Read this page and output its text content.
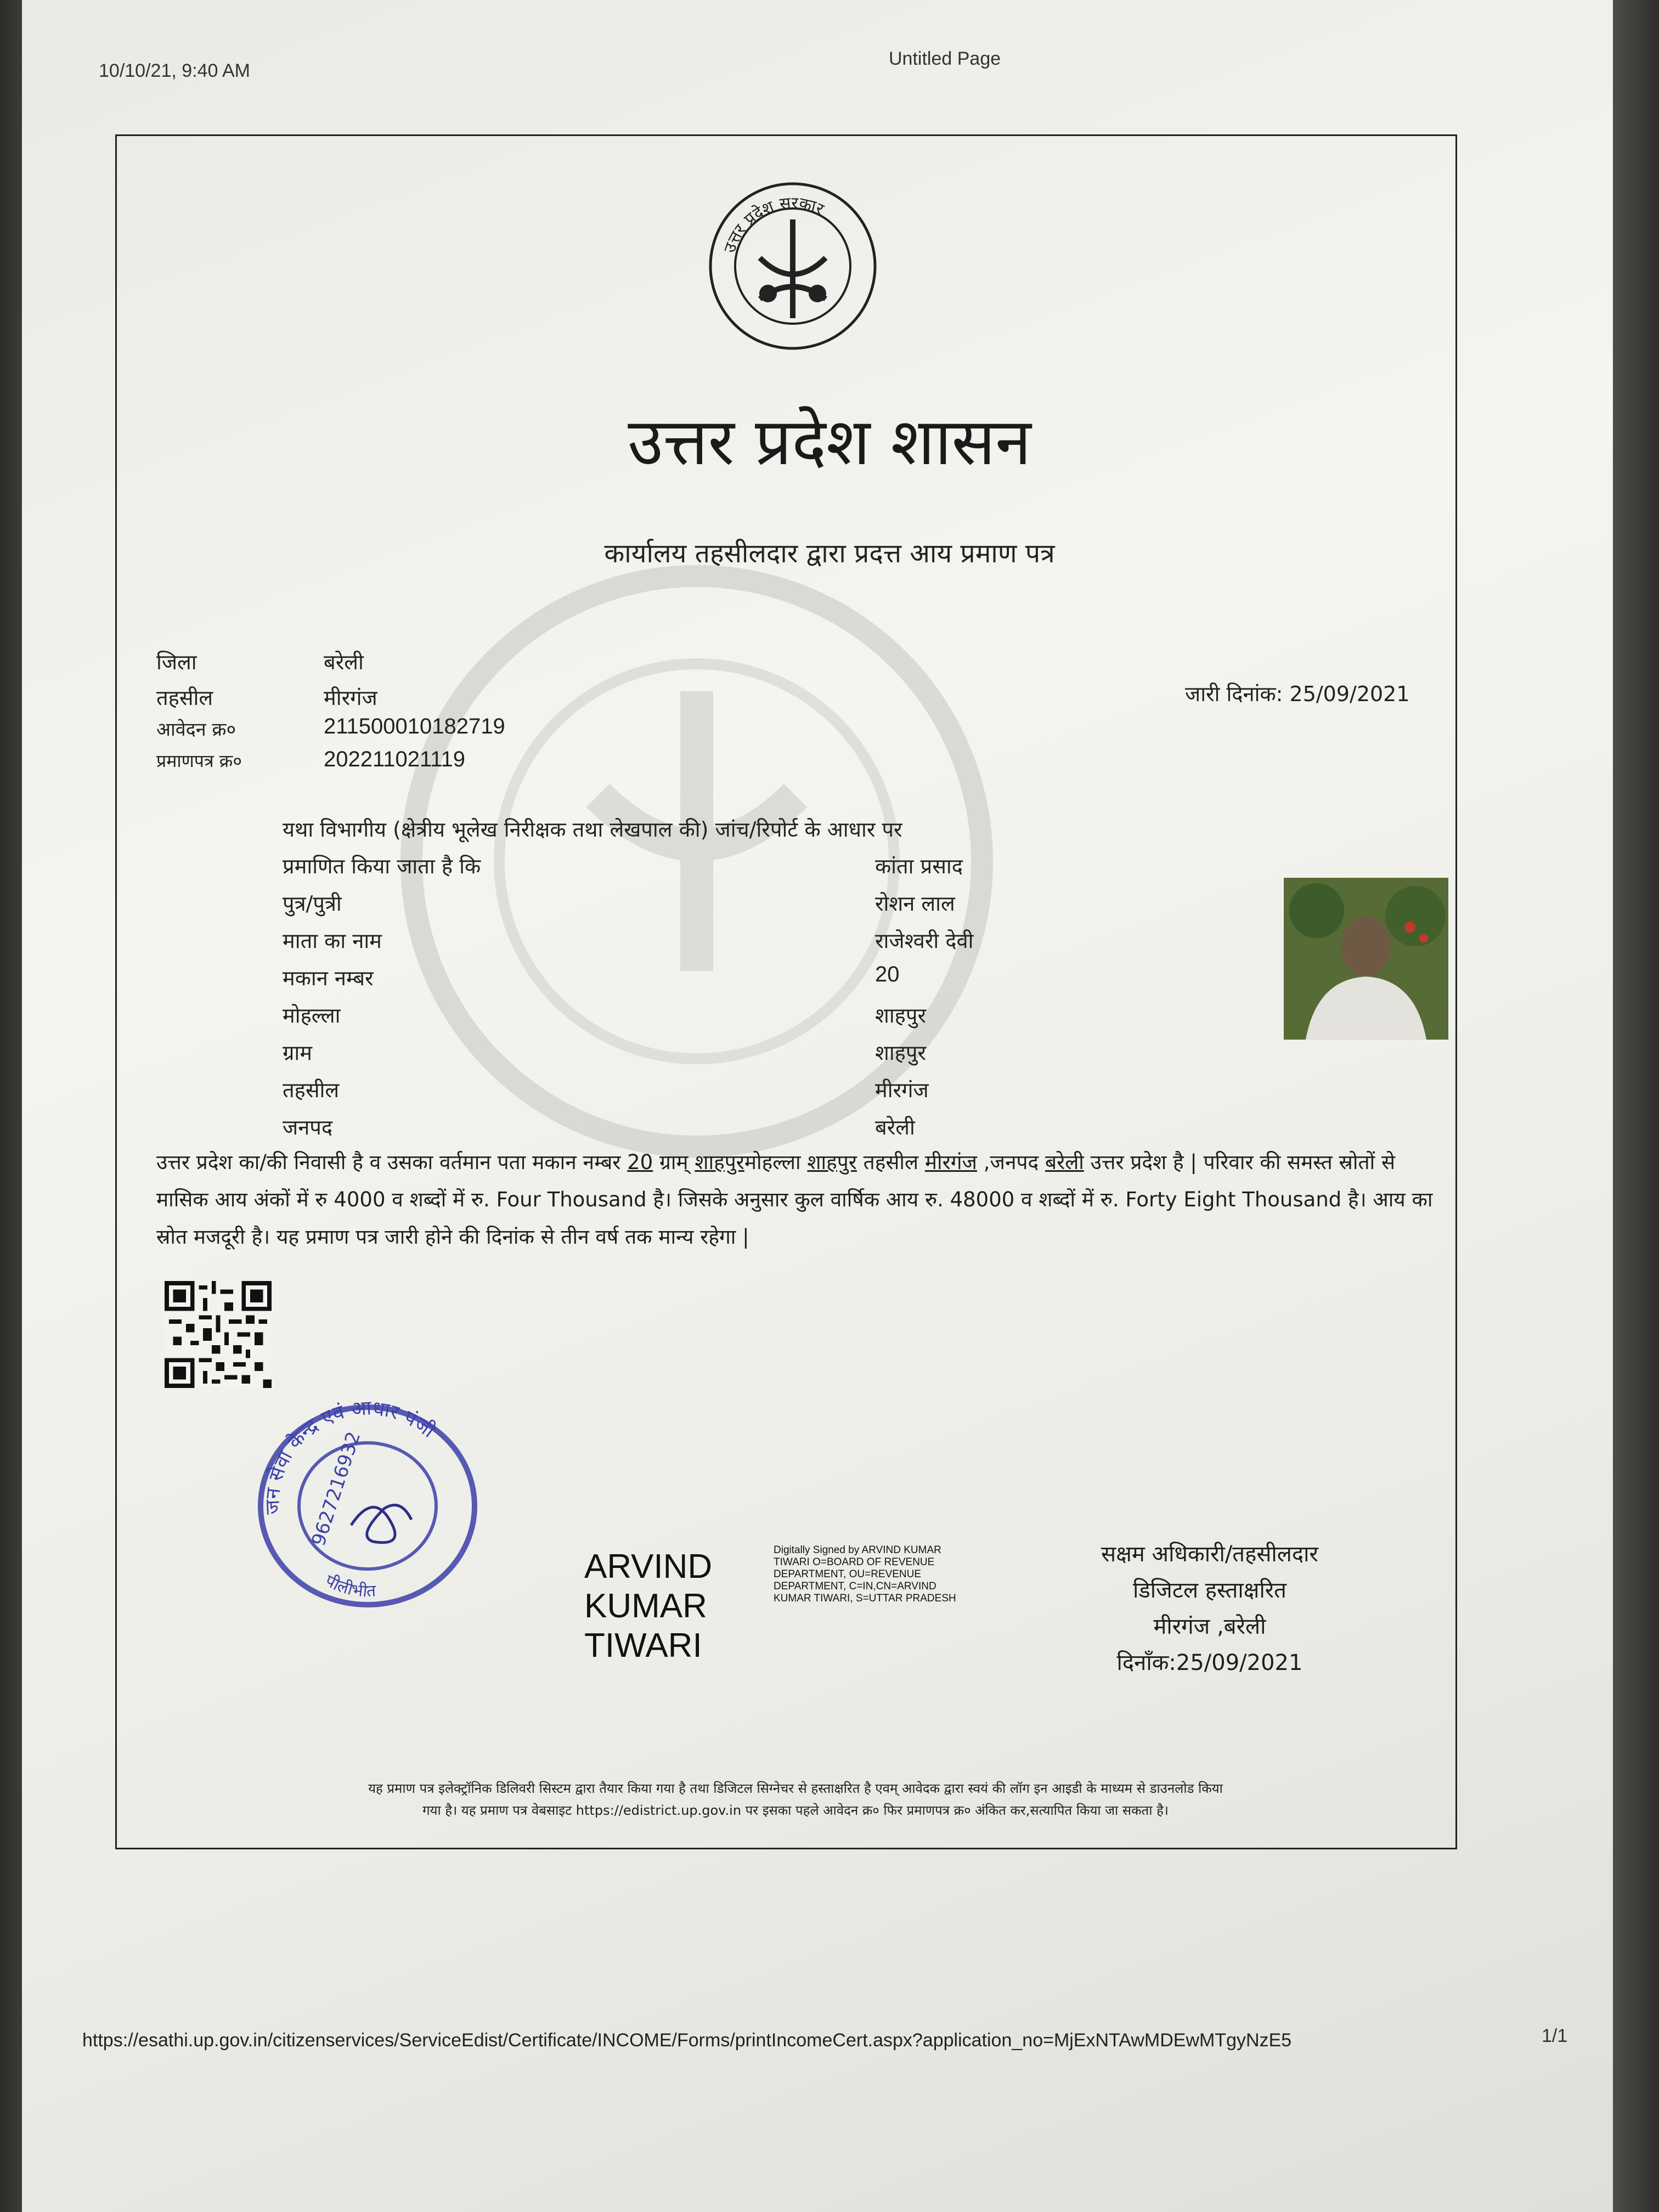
10/10/21, 9:40 AM
Untitled Page
उत्तर प्रदेश सरकार
उत्तर प्रदेश शासन
कार्यालय तहसीलदार द्वारा प्रदत्त आय प्रमाण पत्र
जिला	बरेली
तहसील	मीरगंज
आवेदन क्र०	211500010182719
प्रमाणपत्र क्र०	202211021119
जारी दिनांक: 25/09/2021
यथा विभागीय (क्षेत्रीय भूलेख निरीक्षक तथा लेखपाल की) जांच/रिपोर्ट के आधार पर
प्रमाणित किया जाता है कि	कांता प्रसाद
पुत्र/पुत्री	रोशन लाल
माता का नाम	राजेश्वरी देवी
मकान नम्बर	20
मोहल्ला	शाहपुर
ग्राम	शाहपुर
तहसील	मीरगंज
जनपद	बरेली
उत्तर प्रदेश का/की निवासी है व उसका वर्तमान पता मकान नम्बर 20 ग्राम् शाहपुरमोहल्ला शाहपुर तहसील मीरगंज ,जनपद बरेली उत्तर प्रदेश है | परिवार की समस्त स्रोतों से मासिक आय अंकों में रु 4000 व शब्दों में रु. Four Thousand है। जिसके अनुसार कुल वार्षिक आय रु. 48000 व शब्दों में रु. Forty Eight Thousand है। आय का स्रोत मजदूरी है। यह प्रमाण पत्र जारी होने की दिनांक से तीन वर्ष तक मान्य रहेगा |
जन सेवा केन्द्र एवं आधार पंजी
9627216932
पीलीभीत
ARVIND
KUMAR
TIWARI
Digitally Signed by ARVIND KUMAR TIWARI O=BOARD OF REVENUE DEPARTMENT, OU=REVENUE DEPARTMENT, C=IN,CN=ARVIND KUMAR TIWARI, S=UTTAR PRADESH
सक्षम अधिकारी/तहसीलदार
डिजिटल हस्ताक्षरित
मीरगंज ,बरेली
दिनाँक:25/09/2021
यह प्रमाण पत्र इलेक्ट्रॉनिक डिलिवरी सिस्टम द्वारा तैयार किया गया है तथा डिजिटल सिग्नेचर से हस्ताक्षरित है एवम् आवेदक द्वारा स्वयं की लॉग इन आइडी के माध्यम से डाउनलोड किया
गया है। यह प्रमाण पत्र वेबसाइट https://edistrict.up.gov.in पर इसका पहले आवेदन क्र० फिर प्रमाणपत्र क्र० अंकित कर,सत्यापित किया जा सकता है।
https://esathi.up.gov.in/citizenservices/ServiceEdist/Certificate/INCOME/Forms/printIncomeCert.aspx?application_no=MjExNTAwMDEwMTgyNzE5	1/1
